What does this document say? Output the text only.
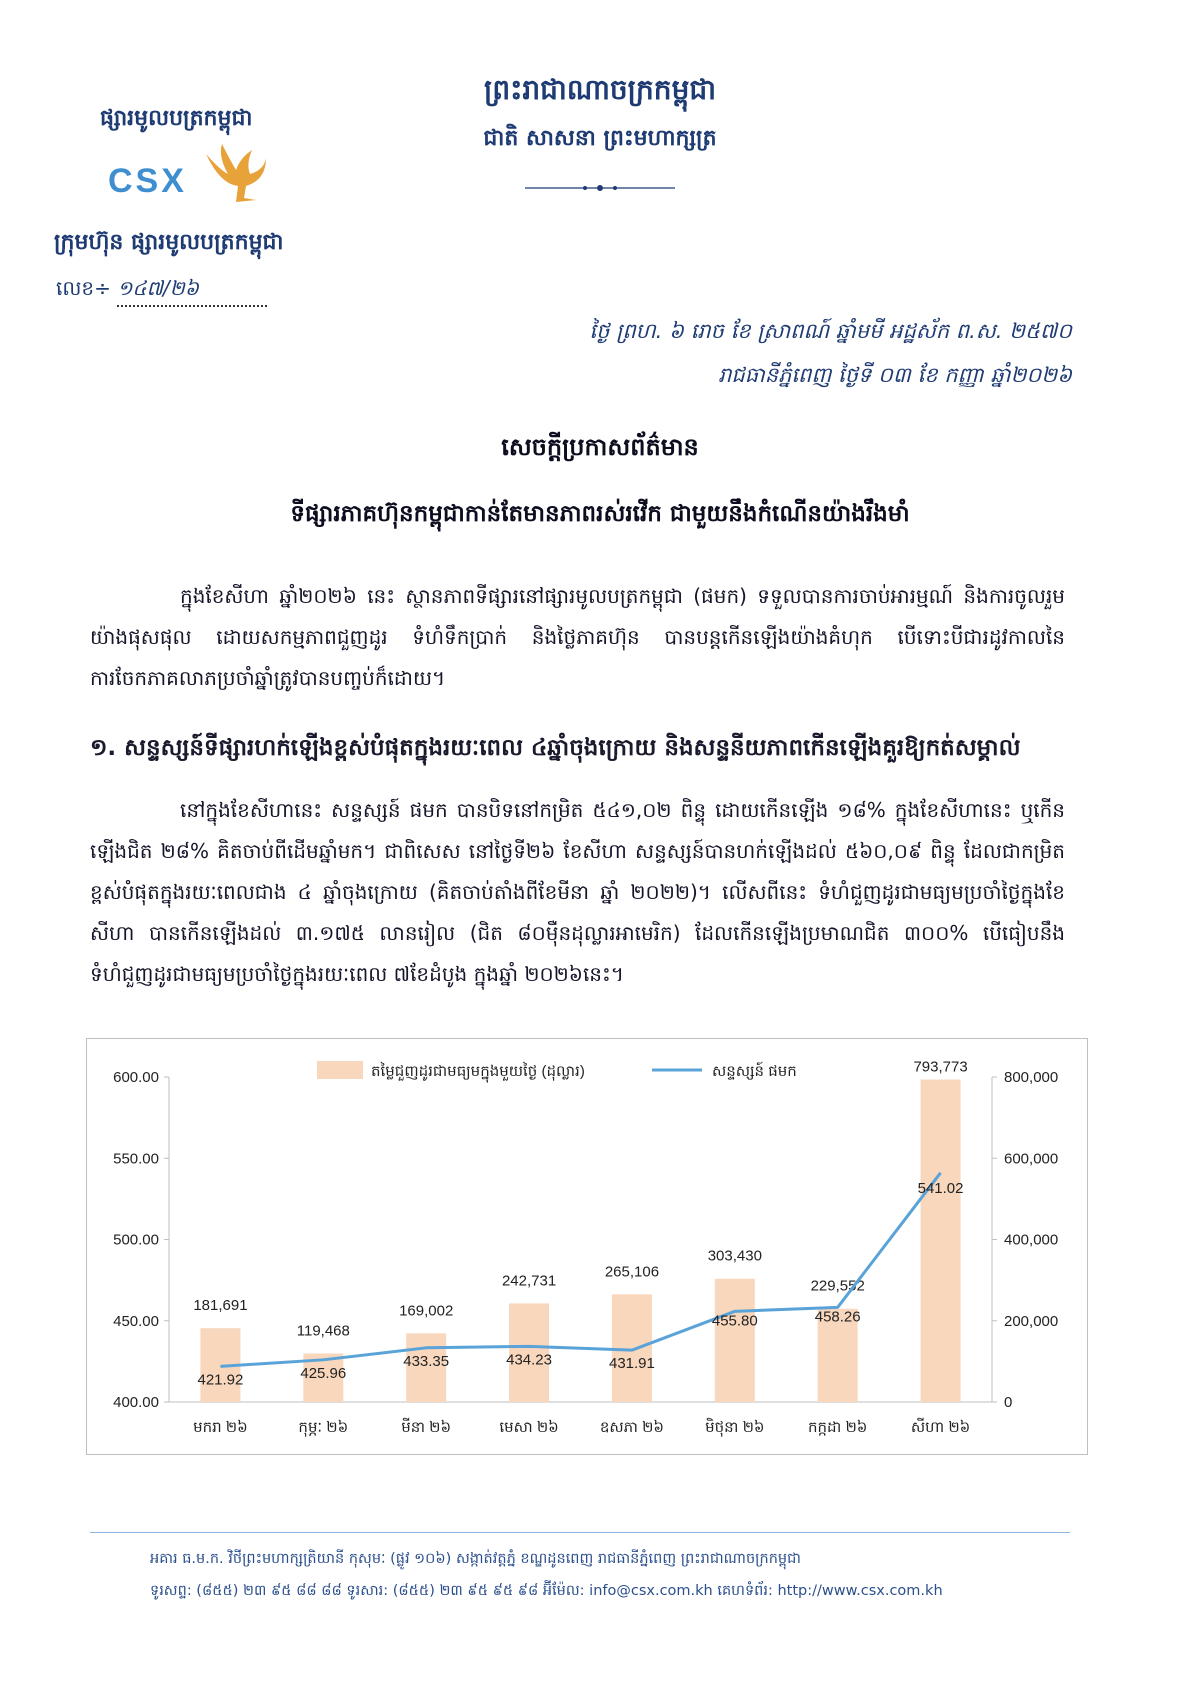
ផ្សារមូលបត្រកម្ពុជា
CSX
ក្រុមហ៊ុន ផ្សារមូលបត្រកម្ពុជា
លេខ÷ ១៤៧/២៦
ព្រះរាជាណាចក្រកម្ពុជា
ជាតិ សាសនា ព្រះមហាក្សត្រ
ថ្ងៃ ព្រហ. ៦ រោច ខែ ស្រាពណ៍ ឆ្នាំមមី អដ្ឋស័ក ព.ស. ២៥៧០
រាជធានីភ្នំពេញ ថ្ងៃទី ០៣ ខែ កញ្ញា ឆ្នាំ២០២៦
សេចក្តីប្រកាសព័ត៌មាន
ទីផ្សារភាគហ៊ុនកម្ពុជាកាន់តែមានភាពរស់រវើក ជាមួយនឹងកំណើនយ៉ាងរឹងមាំ
ក្នុងខែសីហា ឆ្នាំ២០២៦ នេះ ស្ថានភាពទីផ្សារនៅផ្សារមូលបត្រកម្ពុជា (ផមក) ទទួលបានការចាប់អារម្មណ៍ និងការចូលរួមយ៉ាងផុសផុល ដោយសកម្មភាពជួញដូរ ទំហំទឹកប្រាក់ និងថ្លៃភាគហ៊ុន បានបន្តកើនឡើងយ៉ាងគំហុក បើទោះបីជារដូវកាលនៃការចែកភាគលាភប្រចាំឆ្នាំត្រូវបានបញ្ចប់ក៏ដោយ។
១. សន្ទស្សន៍ទីផ្សារហក់ឡើងខ្ពស់បំផុតក្នុងរយៈពេល ៤ឆ្នាំចុងក្រោយ និងសន្ទនីយភាពកើនឡើងគួរឱ្យកត់សម្គាល់
នៅក្នុងខែសីហានេះ សន្ទស្សន៍ ផមក បានបិទនៅកម្រិត ៥៤១,០២ ពិន្ទុ ដោយកើនឡើង ១៨% ក្នុងខែសីហានេះ ឬកើនឡើងជិត ២៨% គិតចាប់ពីដើមឆ្នាំមក។ ជាពិសេស នៅថ្ងៃទី២៦ ខែសីហា សន្ទស្សន៍បានហក់ឡើងដល់ ៥៦០,០៩ ពិន្ទុ ដែលជាកម្រិតខ្ពស់បំផុតក្នុងរយៈពេលជាង ៤ ឆ្នាំចុងក្រោយ (គិតចាប់តាំងពីខែមីនា ឆ្នាំ ២០២២)។ លើសពីនេះ ទំហំជួញដូរជាមធ្យមប្រចាំថ្ងៃក្នុងខែសីហា បានកើនឡើងដល់ ៣.១៧៥ លានរៀល (ជិត ៨០ម៉ឺនដុល្លារអាមេរិក) ដែលកើនឡើងប្រមាណជិត ៣០០% បើធៀបនឹងទំហំជួញដូរជាមធ្យមប្រចាំថ្ងៃក្នុងរយៈពេល ៧ខែដំបូង ក្នុងឆ្នាំ ២០២៦នេះ។
400.00
450.00
500.00
550.00
600.00
0
200,000
400,000
600,000
800,000
181,691
119,468
169,002
242,731
265,106
303,430
229,552
793,773
421.92	425.96
433.35	434.23	431.91
455.80	458.26
541.02
មករា ២៦	កុម្ភៈ ២៦	មីនា ២៦	មេសា ២៦	ឧសភា ២៦	មិថុនា ២៦	កក្កដា ២៦	សីហា ២៦
តម្លៃជួញដូរជាមធ្យមក្នុងមួយថ្ងៃ (ដុល្លារ)	សន្ទស្សន៍ ផមក
អគារ ធ.ម.ក. វិថីព្រះមហាក្សត្រិយានី កុសុមៈ (ផ្លូវ ១០៦) សង្កាត់វត្តភ្នំ ខណ្ឌដូនពេញ រាជធានីភ្នំពេញ ព្រះរាជាណាចក្រកម្ពុជា
ទូរសព្ទ: (៨៥៥) ២៣ ៩៥ ៨៨ ៨៨ ទូរសារ: (៨៥៥) ២៣ ៩៥ ៩៥ ៩៨ អ៊ីម៉ែល: info@csx.com.kh គេហទំព័រ: http://www.csx.com.kh
